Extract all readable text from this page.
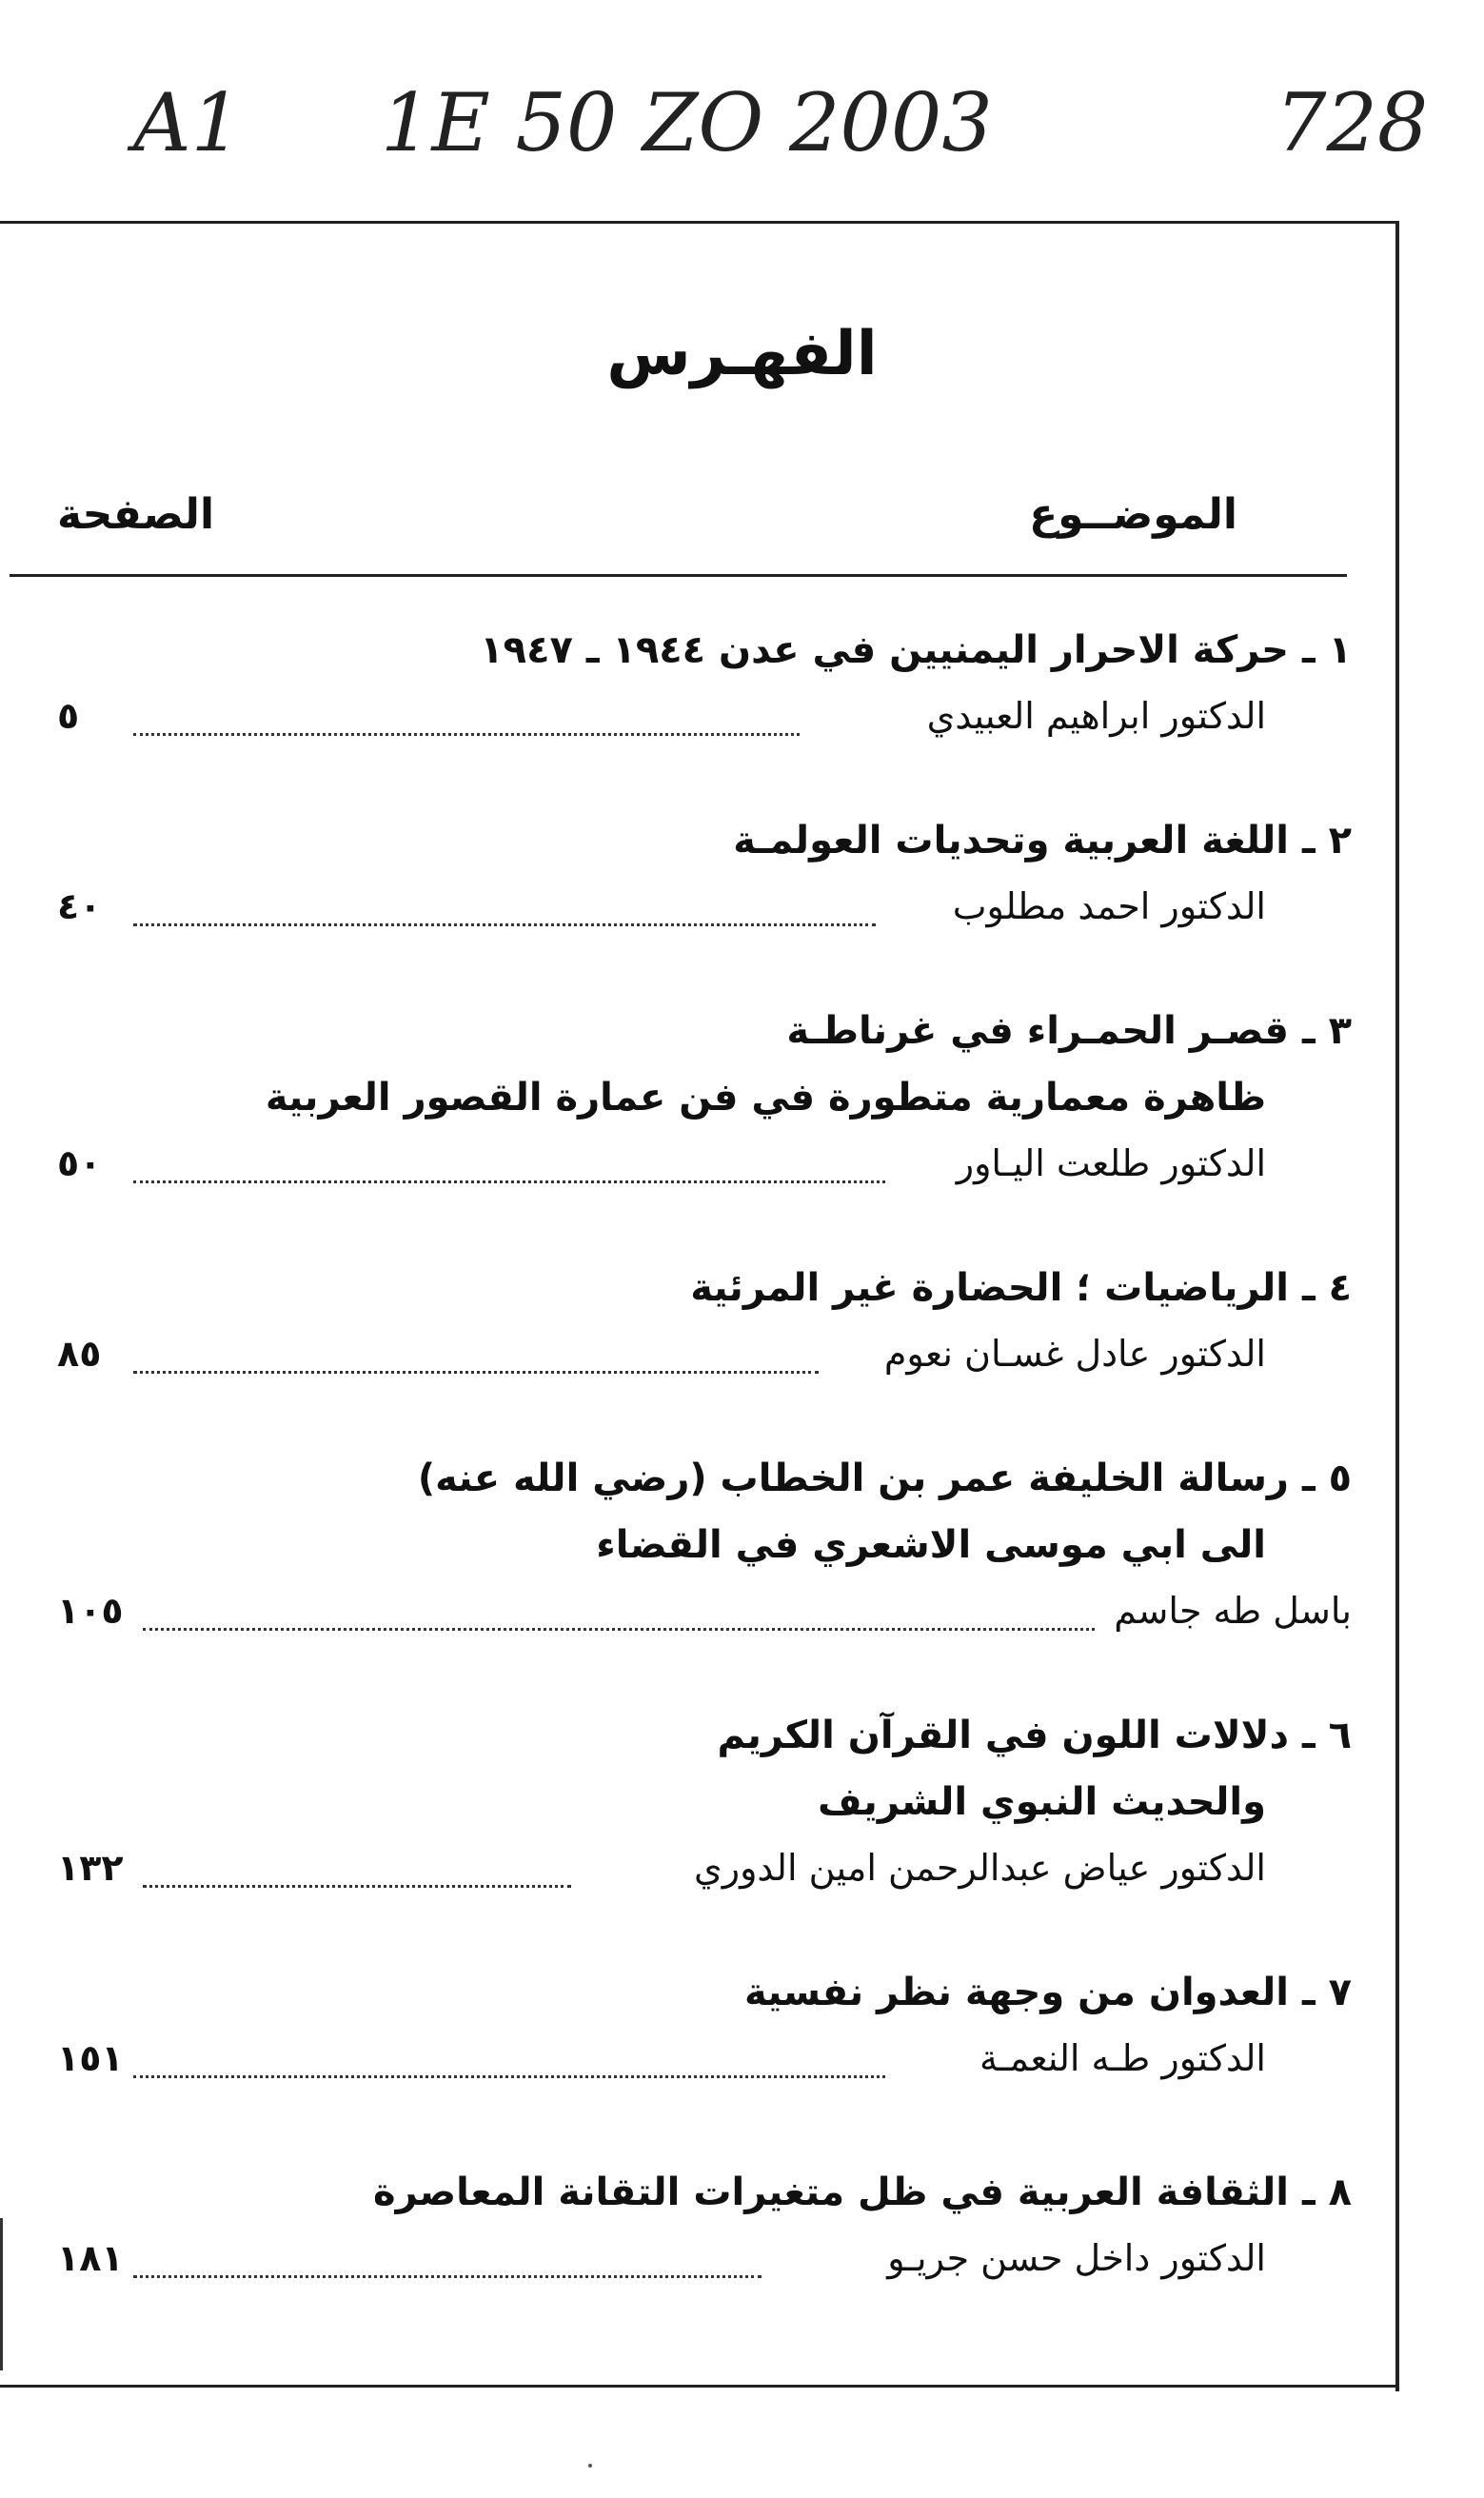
A1 1E 50 ZO 2003	728
الفهـرس
الموضــوع
الصفحة
١ ـحركة الاحرار اليمنيين في عدن ١٩٤٤ ـ ١٩٤٧
الدكتور ابراهيم العبيدي
٥
٢ ـاللغة العربية وتحديات العولمـة
الدكتور احمد مطلوب
٤٠
٣ ـقصـر الحمـراء في غرناطـة
ظاهرة معمارية متطورة في فن عمارة القصور العربية
الدكتور طلعت اليـاور
٥٠
٤ ـالرياضيات ؛ الحضارة غير المرئية
الدكتور عادل غسـان نعوم
٨٥
٥ ـرسالة الخليفة عمر بن الخطاب (رضي الله عنه)
الى ابي موسى الاشعري في القضاء
باسل طه جاسم
١٠٥
٦ ـدلالات اللون في القرآن الكريم
والحديث النبوي الشريف
الدكتور عياض عبدالرحمن امين الدوري
١٣٢
٧ ـالعدوان من وجهة نظر نفسية
الدكتور طـه النعمـة
١٥١
٨ ـالثقافة العربية في ظل متغيرات التقانة المعاصرة
الدكتور داخل حسن جريـو
١٨١
